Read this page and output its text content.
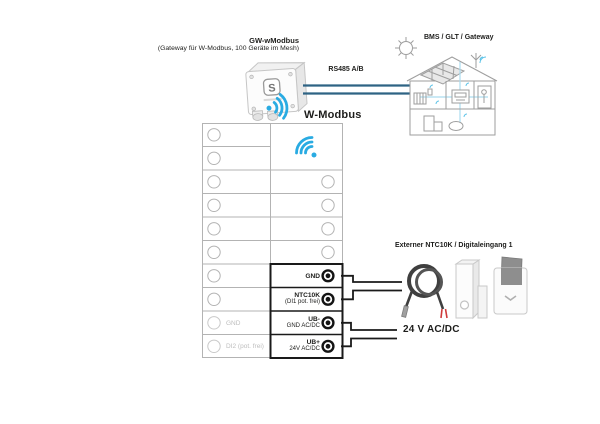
S
GW-wModbus
(Gateway für W-Modbus, 100 Geräte im Mesh)
RS485 A/B
W-Modbus
BMS / GLT / Gateway
Externer NTC10K / Digitaleingang 1
24 V AC/DC
GND
NTC10K
(DI1 pot. frei)
UB-
GND AC/DC
UB+
24V AC/DC
GND
DI2 (pot. frei)
